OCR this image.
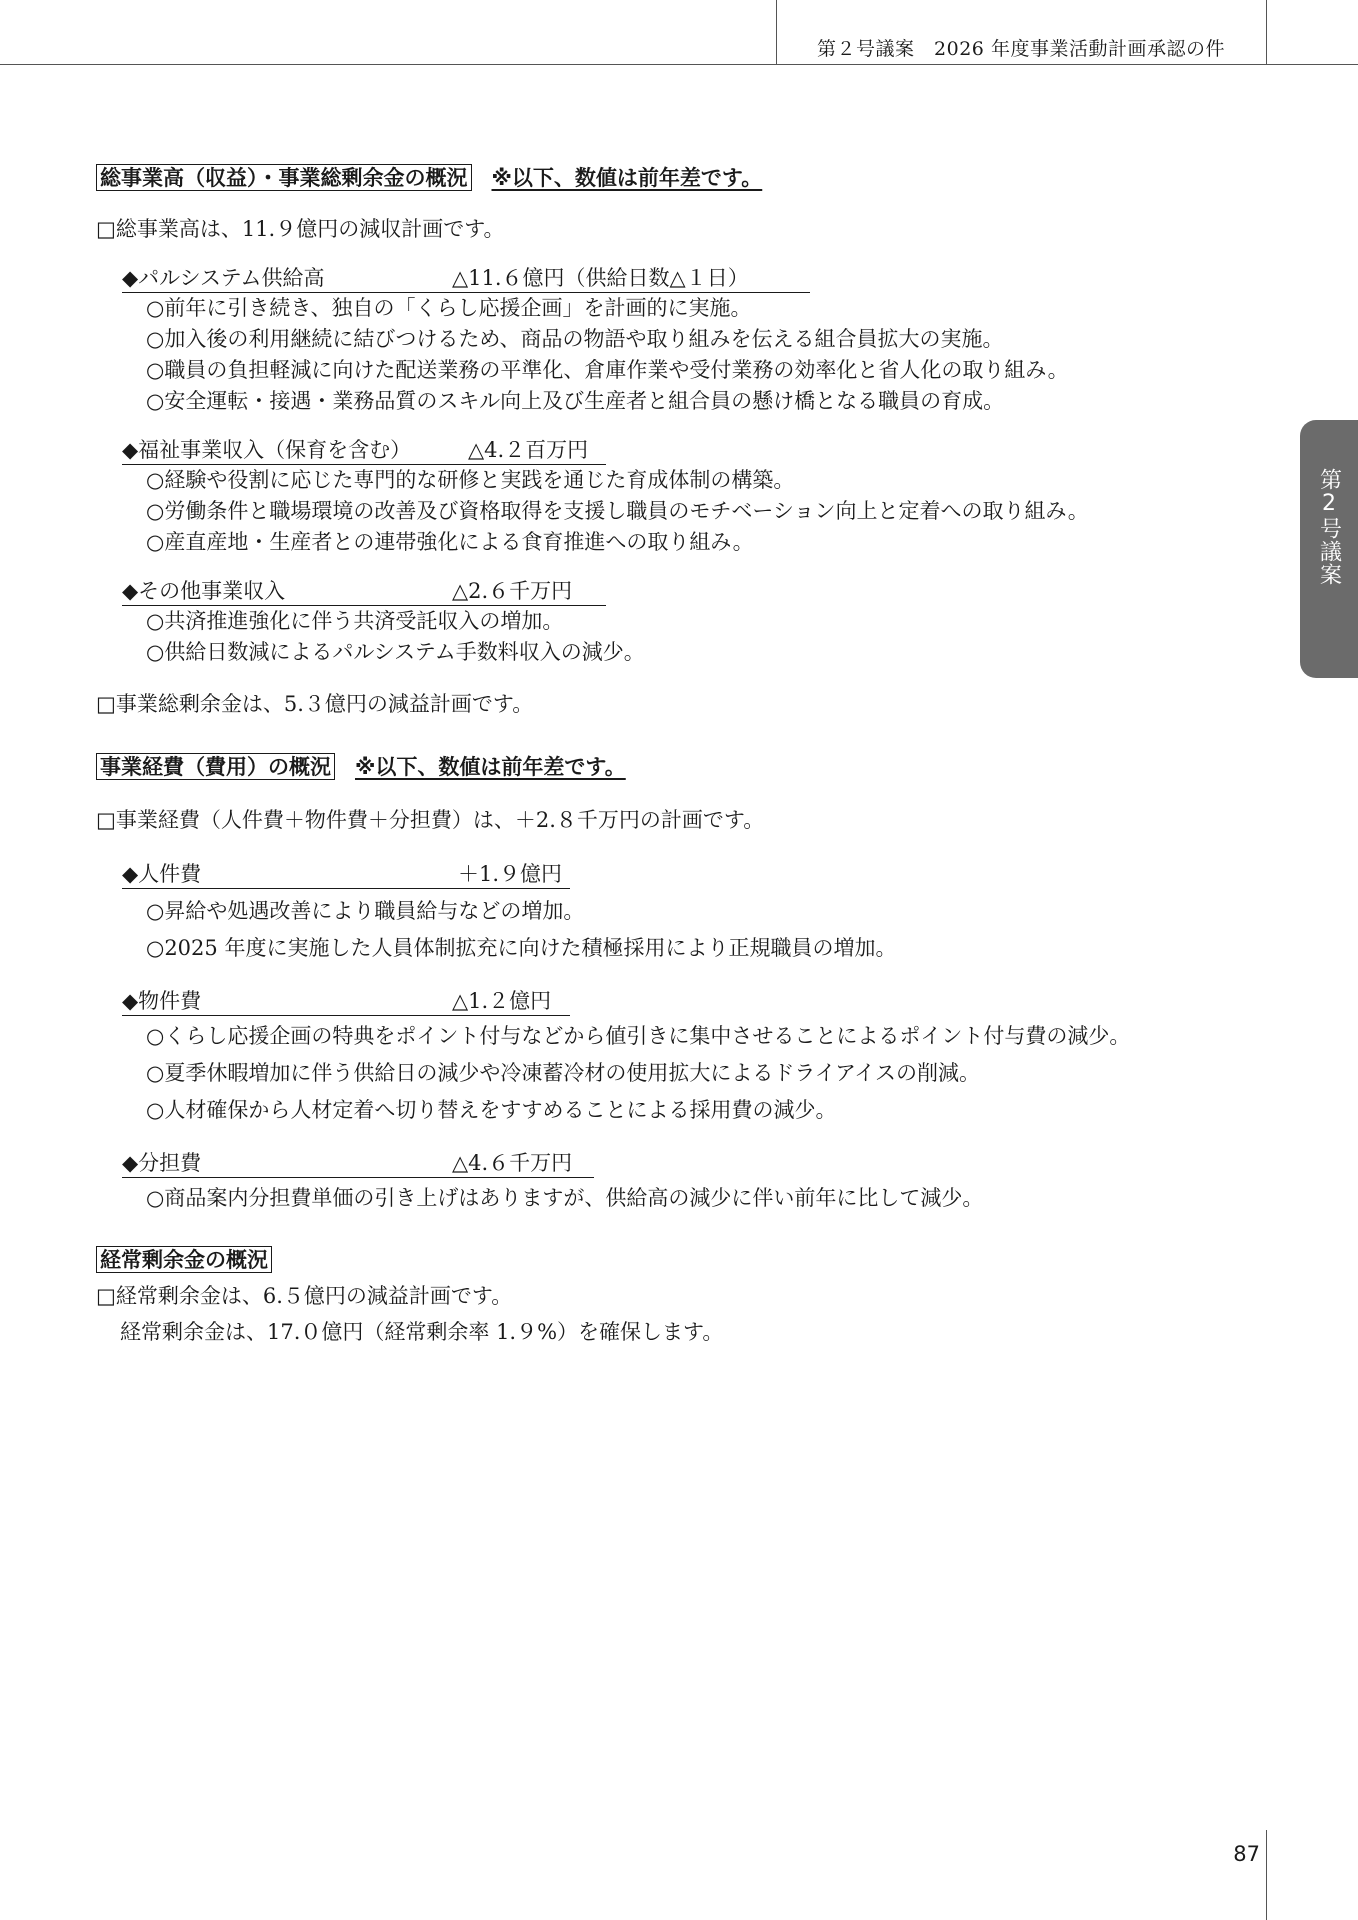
第２号議案　2026 年度事業活動計画承認の件
第2号議案
総事業高（収益）・事業総剰余金の概況 ※以下、数値は前年差です。
□総事業高は、11.９億円の減収計画です。
◆パルシステム供給高	△11.６億円（供給日数△１日）
○前年に引き続き、独自の「くらし応援企画」を計画的に実施。
○加入後の利用継続に結びつけるため、商品の物語や取り組みを伝える組合員拡大の実施。
○職員の負担軽減に向けた配送業務の平準化、倉庫作業や受付業務の効率化と省人化の取り組み。
○安全運転・接遇・業務品質のスキル向上及び生産者と組合員の懸け橋となる職員の育成。
◆福祉事業収入（保育を含む）	△4.２百万円
○経験や役割に応じた専門的な研修と実践を通じた育成体制の構築。
○労働条件と職場環境の改善及び資格取得を支援し職員のモチベーション向上と定着への取り組み。
○産直産地・生産者との連帯強化による食育推進への取り組み。
◆その他事業収入	△2.６千万円
○共済推進強化に伴う共済受託収入の増加。
○供給日数減によるパルシステム手数料収入の減少。
□事業総剰余金は、5.３億円の減益計画です。
事業経費（費用）の概況 ※以下、数値は前年差です。
□事業経費（人件費＋物件費＋分担費）は、＋2.８千万円の計画です。
◆人件費	＋1.９億円
○昇給や処遇改善により職員給与などの増加。
○2025 年度に実施した人員体制拡充に向けた積極採用により正規職員の増加。
◆物件費	△1.２億円
○くらし応援企画の特典をポイント付与などから値引きに集中させることによるポイント付与費の減少。
○夏季休暇増加に伴う供給日の減少や冷凍蓄冷材の使用拡大によるドライアイスの削減。
○人材確保から人材定着へ切り替えをすすめることによる採用費の減少。
◆分担費	△4.６千万円
○商品案内分担費単価の引き上げはありますが、供給高の減少に伴い前年に比して減少。
経常剰余金の概況
□経常剰余金は、6.５億円の減益計画です。
経常剰余金は、17.０億円（経常剰余率 1.９%）を確保します。
87
